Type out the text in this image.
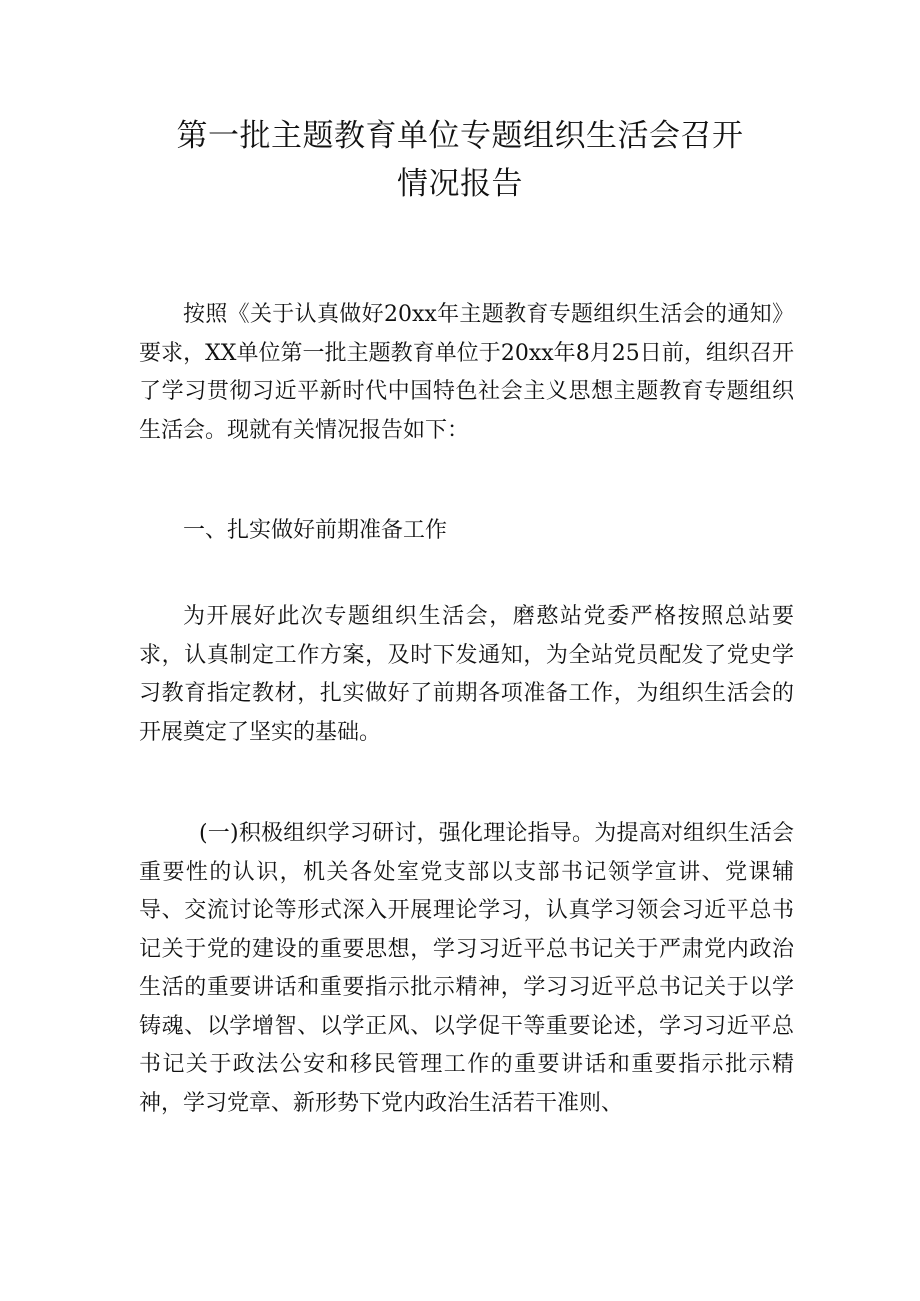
第一批主题教育单位专题组织生活会召开
情况报告

按照《关于认真做好20xx年主题教育专题组织生活会的通知》要求，XX单位第一批主题教育单位于20xx年8月25日前，组织召开了学习贯彻习近平新时代中国特色社会主义思想主题教育专题组织生活会。现就有关情况报告如下：

一、扎实做好前期准备工作

为开展好此次专题组织生活会，磨憨站党委严格按照总站要求，认真制定工作方案，及时下发通知，为全站党员配发了党史学习教育指定教材，扎实做好了前期各项准备工作，为组织生活会的开展奠定了坚实的基础。

(一)积极组织学习研讨，强化理论指导。为提高对组织生活会重要性的认识，机关各处室党支部以支部书记领学宣讲、党课辅导、交流讨论等形式深入开展理论学习，认真学习领会习近平总书记关于党的建设的重要思想，学习习近平总书记关于严肃党内政治生活的重要讲话和重要指示批示精神，学习习近平总书记关于以学铸魂、以学增智、以学正风、以学促干等重要论述，学习习近平总书记关于政法公安和移民管理工作的重要讲话和重要指示批示精神，学习党章、新形势下党内政治生活若干准则、
